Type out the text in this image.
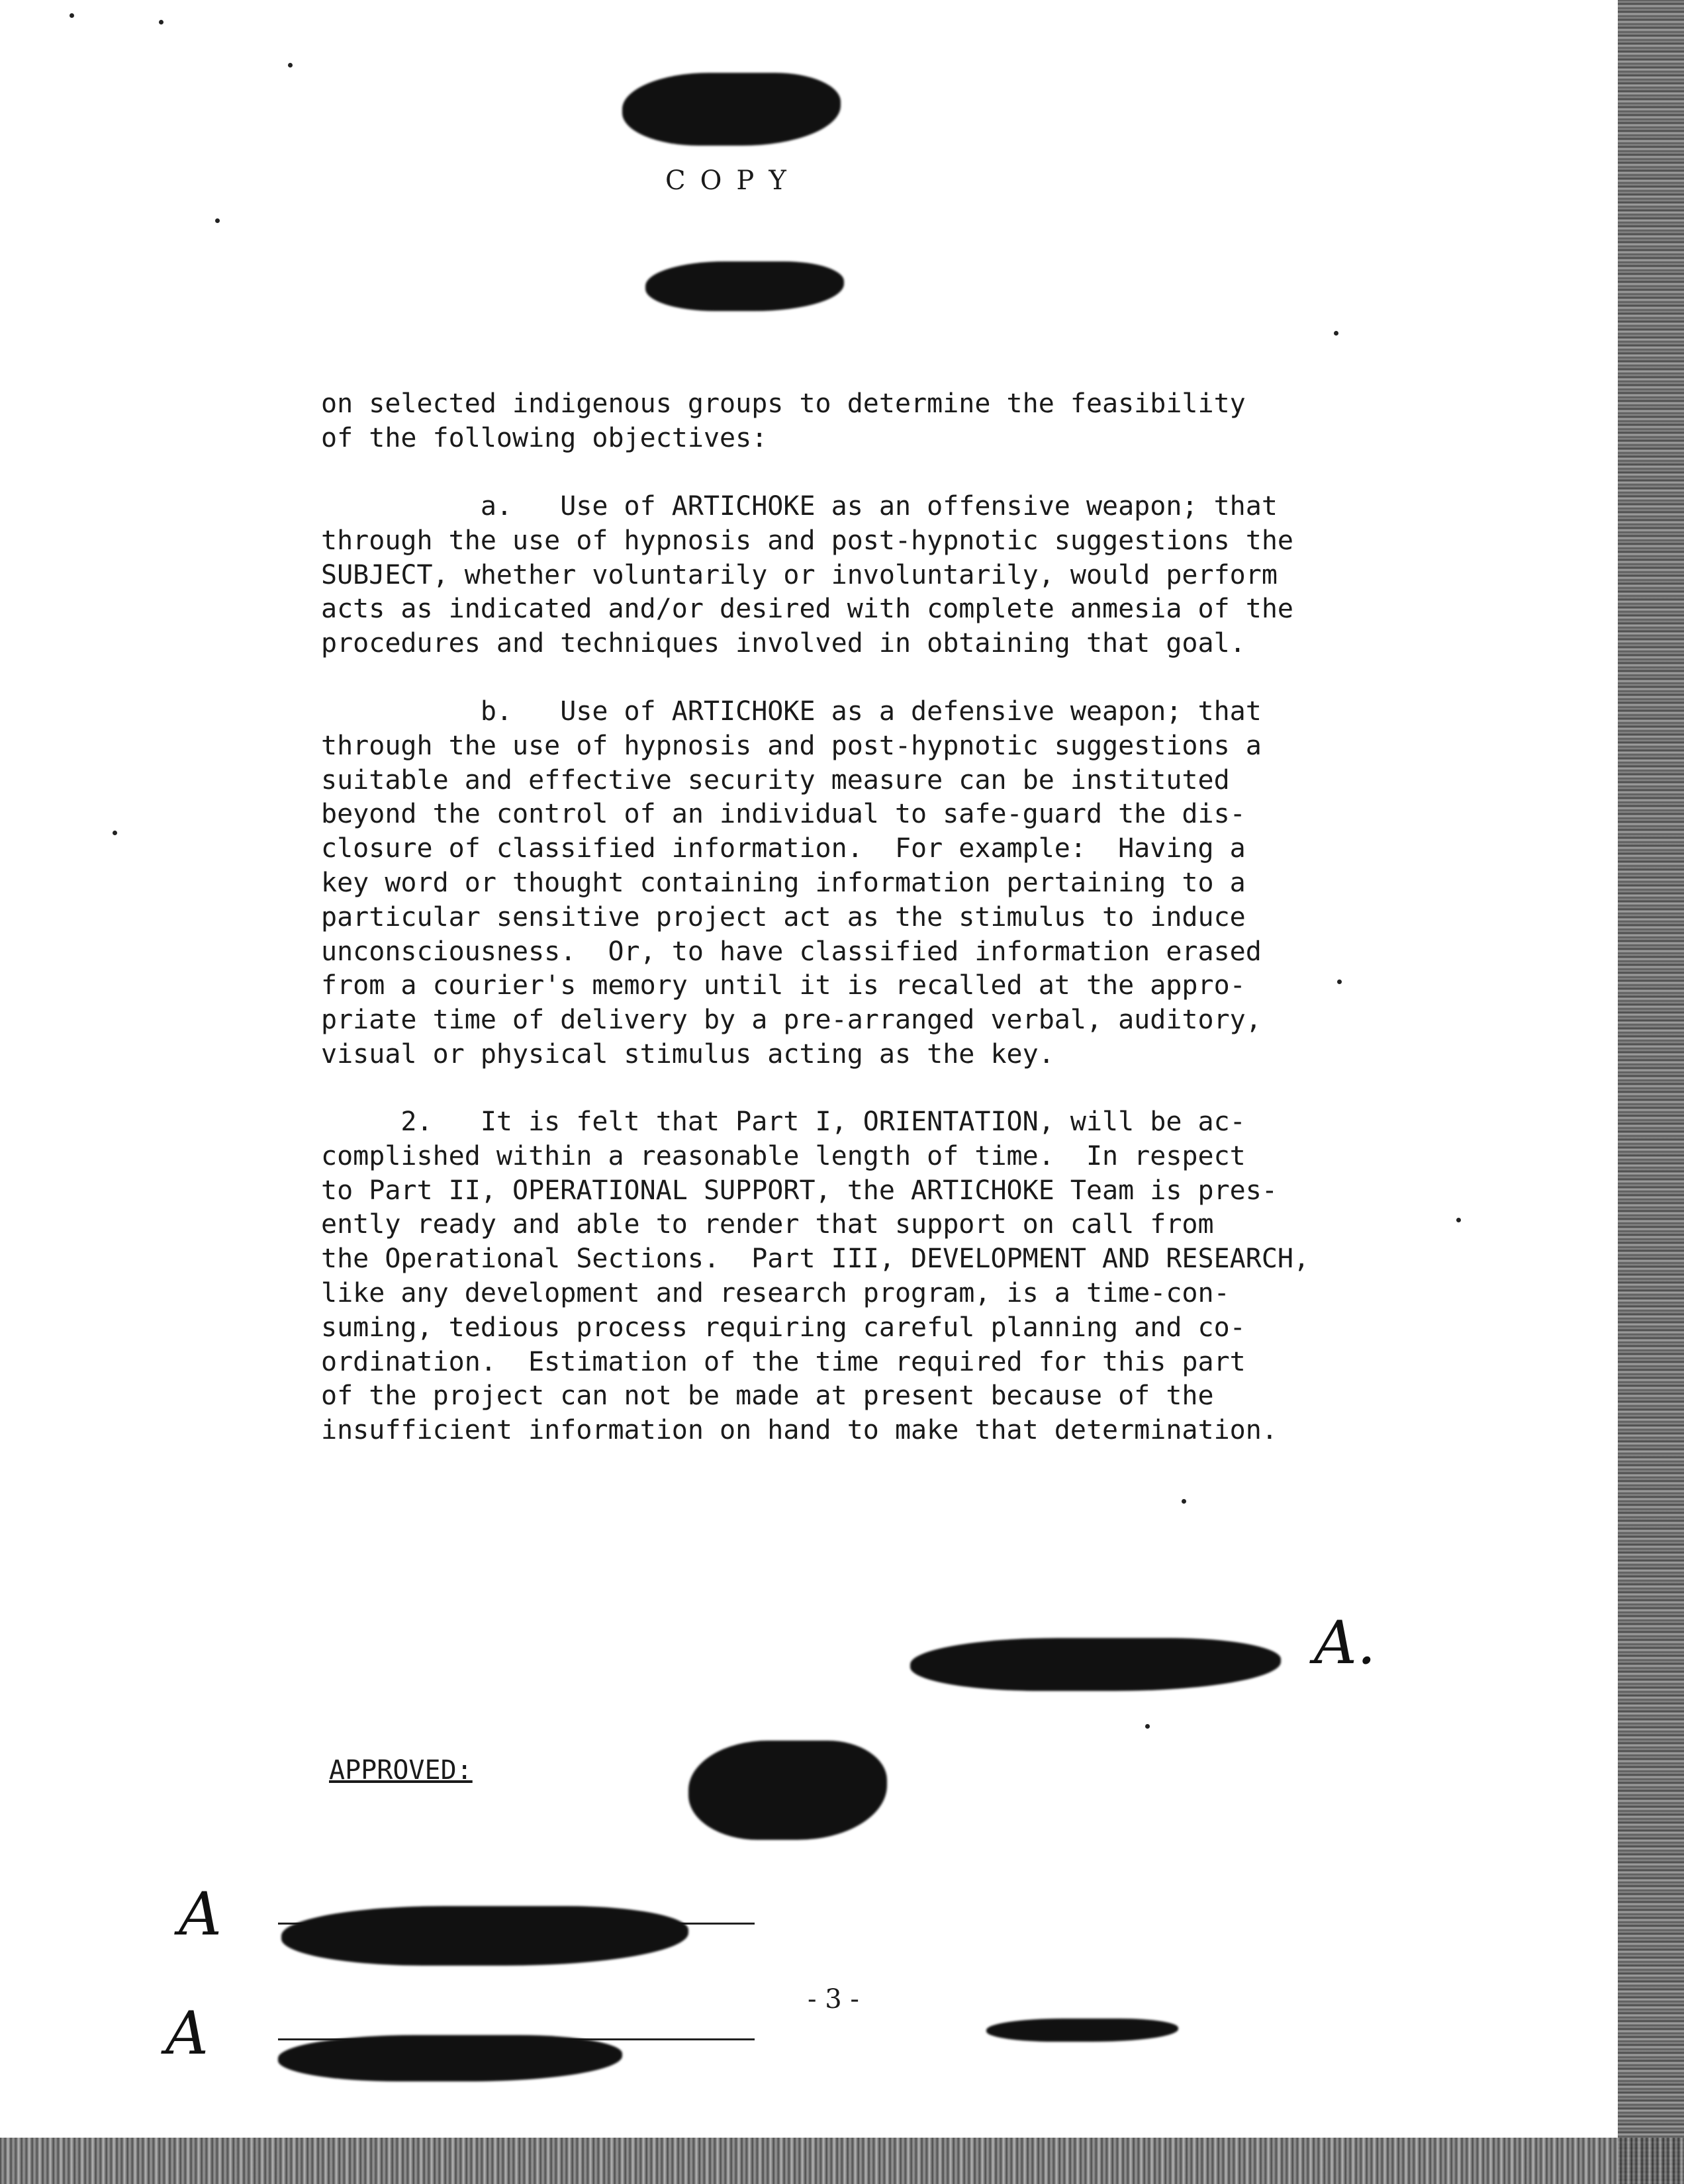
COPY
on selected indigenous groups to determine the feasibility
of the following objectives:
a.   Use of ARTICHOKE as an offensive weapon; that
through the use of hypnosis and post-hypnotic suggestions the
SUBJECT, whether voluntarily or involuntarily, would perform
acts as indicated and/or desired with complete anmesia of the
procedures and techniques involved in obtaining that goal.
b.   Use of ARTICHOKE as a defensive weapon; that
through the use of hypnosis and post-hypnotic suggestions a
suitable and effective security measure can be instituted
beyond the control of an individual to safe-guard the dis-
closure of classified information.  For example:  Having a
key word or thought containing information pertaining to a
particular sensitive project act as the stimulus to induce
unconsciousness.  Or, to have classified information erased
from a courier's memory until it is recalled at the appro-
priate time of delivery by a pre-arranged verbal, auditory,
visual or physical stimulus acting as the key.
2.   It is felt that Part I, ORIENTATION, will be ac-
complished within a reasonable length of time.  In respect
to Part II, OPERATIONAL SUPPORT, the ARTICHOKE Team is pres-
ently ready and able to render that support on call from
the Operational Sections.  Part III, DEVELOPMENT AND RESEARCH,
like any development and research program, is a time-con-
suming, tedious process requiring careful planning and co-
ordination.  Estimation of the time required for this part
of the project can not be made at present because of the
insufficient information on hand to make that determination.
A.
APPROVED:
A
A	- 3 -
